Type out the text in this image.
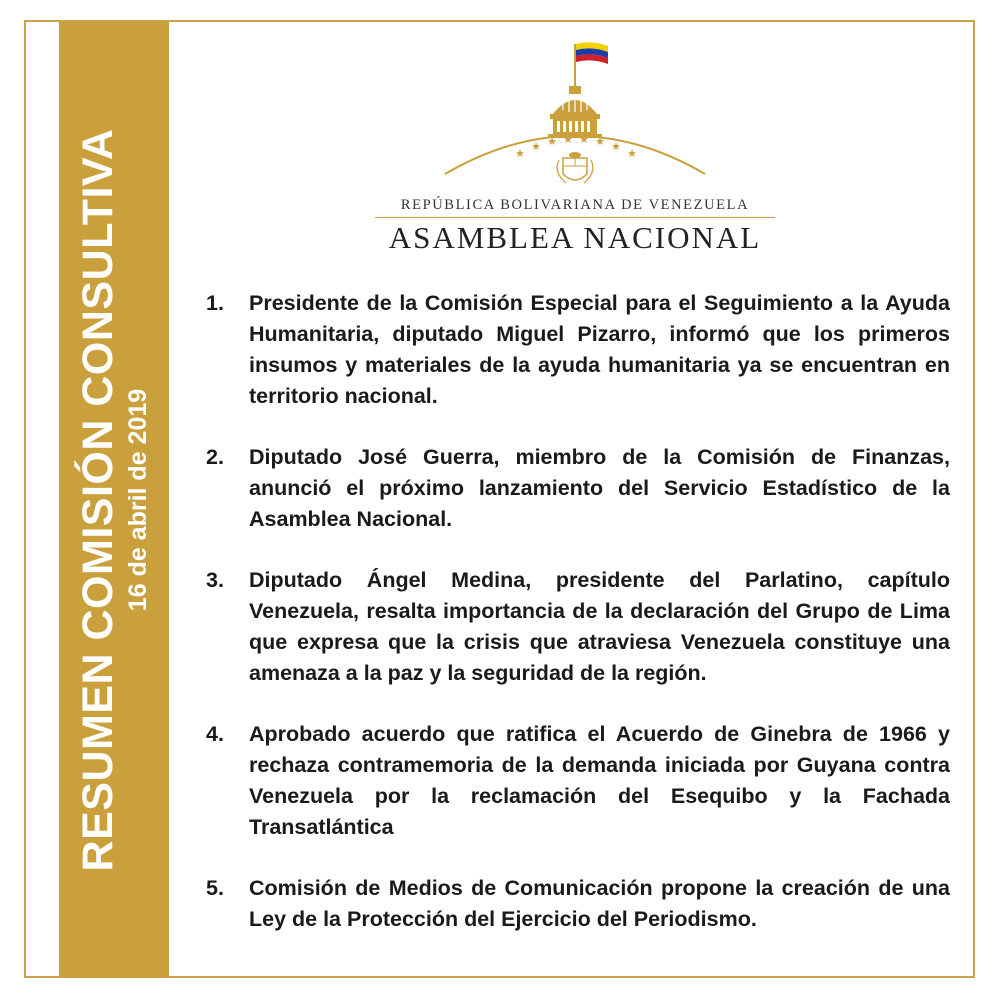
RESUMEN COMISIÓN CONSULTIVA 16 de abril de 2019
★
★ ★ ★ ★ ★ ★
★
REPÚBLICA BOLIVARIANA DE VENEZUELA
ASAMBLEA NACIONAL
1.	Presidente de la Comisión Especial para el Seguimiento a la Ayuda Humanitaria, diputado Miguel Pizarro, informó que los primeros insumos y materiales de la ayuda humanitaria ya se encuentran en territorio nacional.
2.	Diputado José Guerra, miembro de la Comisión de Finanzas, anunció el próximo lanzamiento del Servicio Estadístico de la Asamblea Nacional.
3.	Diputado Ángel Medina, presidente del Parlatino, capítulo Venezuela, resalta importancia de la declaración del Grupo de Lima que expresa que la crisis que atraviesa Venezuela constituye una amenaza a la paz y la seguridad de la región.
4.	Aprobado acuerdo que ratifica el Acuerdo de Ginebra de 1966 y rechaza contramemoria de la demanda iniciada por Guyana contra Venezuela por la reclamación del Esequibo y la Fachada Transatlántica
5.	Comisión de Medios de Comunicación propone la creación de una Ley de la Protección del Ejercicio del Periodismo.
